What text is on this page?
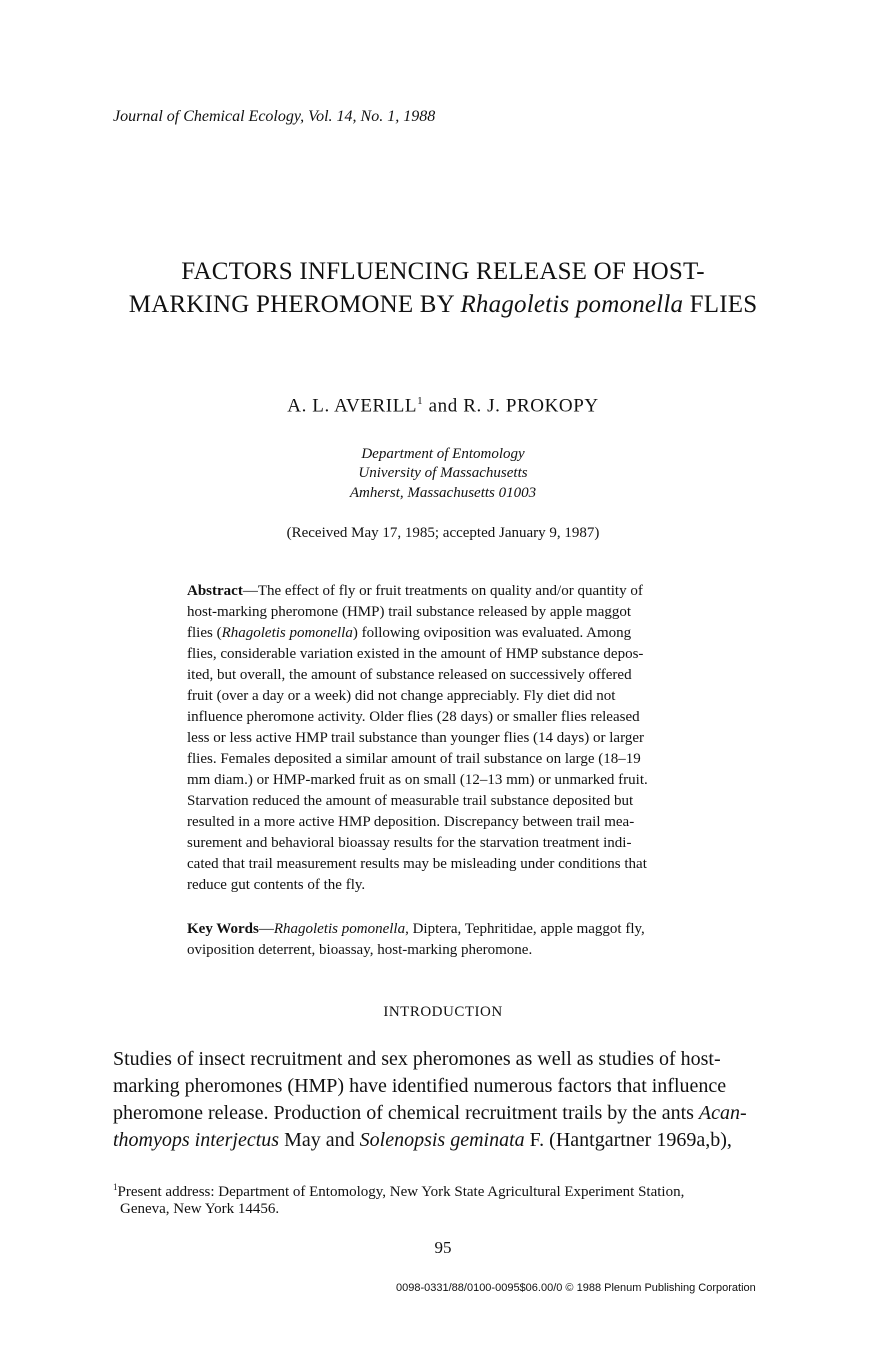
Journal of Chemical Ecology, Vol. 14, No. 1, 1988
FACTORS INFLUENCING RELEASE OF HOST-
MARKING PHEROMONE BY Rhagoletis pomonella FLIES
A. L. AVERILL$^1$ and R. J. PROKOPY
Department of Entomology
University of Massachusetts
Amherst, Massachusetts 01003
(Received May 17, 1985; accepted January 9, 1987)
Abstract—The effect of fly or fruit treatments on quality and/or quantity of
host-marking pheromone (HMP) trail substance released by apple maggot
flies (Rhagoletis pomonella) following oviposition was evaluated. Among
flies, considerable variation existed in the amount of HMP substance depos-
ited, but overall, the amount of substance released on successively offered
fruit (over a day or a week) did not change appreciably. Fly diet did not
influence pheromone activity. Older flies (28 days) or smaller flies released
less or less active HMP trail substance than younger flies (14 days) or larger
flies. Females deposited a similar amount of trail substance on large (18–19
mm diam.) or HMP-marked fruit as on small (12–13 mm) or unmarked fruit.
Starvation reduced the amount of measurable trail substance deposited but
resulted in a more active HMP deposition. Discrepancy between trail mea-
surement and behavioral bioassay results for the starvation treatment indi-
cated that trail measurement results may be misleading under conditions that
reduce gut contents of the fly.
Key Words—Rhagoletis pomonella, Diptera, Tephritidae, apple maggot fly,
oviposition deterrent, bioassay, host-marking pheromone.
INTRODUCTION
Studies of insect recruitment and sex pheromones as well as studies of host-
marking pheromones (HMP) have identified numerous factors that influence
pheromone release. Production of chemical recruitment trails by the ants Acan-
thomyops interjectus May and Solenopsis geminata F. (Hantgartner 1969a,b),
$^1$Present address: Department of Entomology, New York State Agricultural Experiment Station,
Geneva, New York 14456.
95
0098-0331/88/0100-0095$06.00/0 © 1988 Plenum Publishing Corporation
